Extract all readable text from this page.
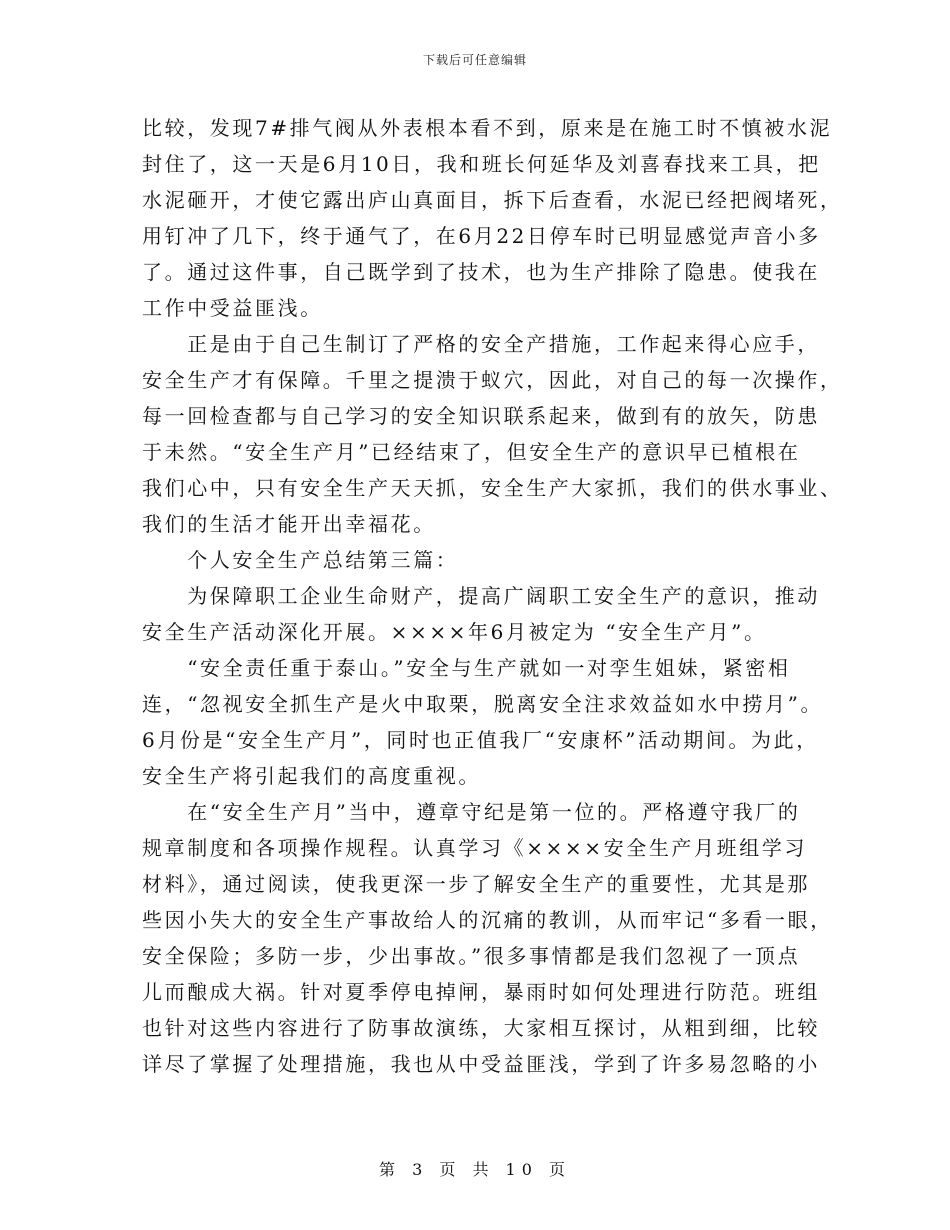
下载后可任意编辑
比较，发现7#排气阀从外表根本看不到，原来是在施工时不慎被水泥
封住了，这一天是6月10日，我和班长何延华及刘喜春找来工具，把
水泥砸开，才使它露出庐山真面目，拆下后查看，水泥已经把阀堵死，
用钉冲了几下，终于通气了，在6月22日停车时已明显感觉声音小多
了。通过这件事，自己既学到了技术，也为生产排除了隐患。使我在
工作中受益匪浅。
　　正是由于自己生制订了严格的安全产措施，工作起来得心应手，
安全生产才有保障。千里之提溃于蚁穴，因此，对自己的每一次操作，
每一回检查都与自己学习的安全知识联系起来，做到有的放矢，防患
于未然。“安全生产月”已经结束了，但安全生产的意识早已植根在
我们心中，只有安全生产天天抓，安全生产大家抓，我们的供水事业、
我们的生活才能开出幸福花。
　　个人安全生产总结第三篇：
　　为保障职工企业生命财产，提高广阔职工安全生产的意识，推动
安全生产活动深化开展。××××年6月被定为 “安全生产月”。
　　“安全责任重于泰山。”安全与生产就如一对孪生姐妹，紧密相
连，“忽视安全抓生产是火中取栗，脱离安全注求效益如水中捞月”。
6月份是“安全生产月”，同时也正值我厂“安康杯”活动期间。为此，
安全生产将引起我们的高度重视。
　　在“安全生产月”当中，遵章守纪是第一位的。严格遵守我厂的
规章制度和各项操作规程。认真学习《××××安全生产月班组学习
材料》，通过阅读，使我更深一步了解安全生产的重要性，尤其是那
些因小失大的安全生产事故给人的沉痛的教训，从而牢记“多看一眼，
安全保险；多防一步，少出事故。”很多事情都是我们忽视了一顶点
儿而酿成大祸。针对夏季停电掉闸，暴雨时如何处理进行防范。班组
也针对这些内容进行了防事故演练，大家相互探讨，从粗到细，比较
详尽了掌握了处理措施，我也从中受益匪浅，学到了许多易忽略的小
第 3 页 共 10 页
